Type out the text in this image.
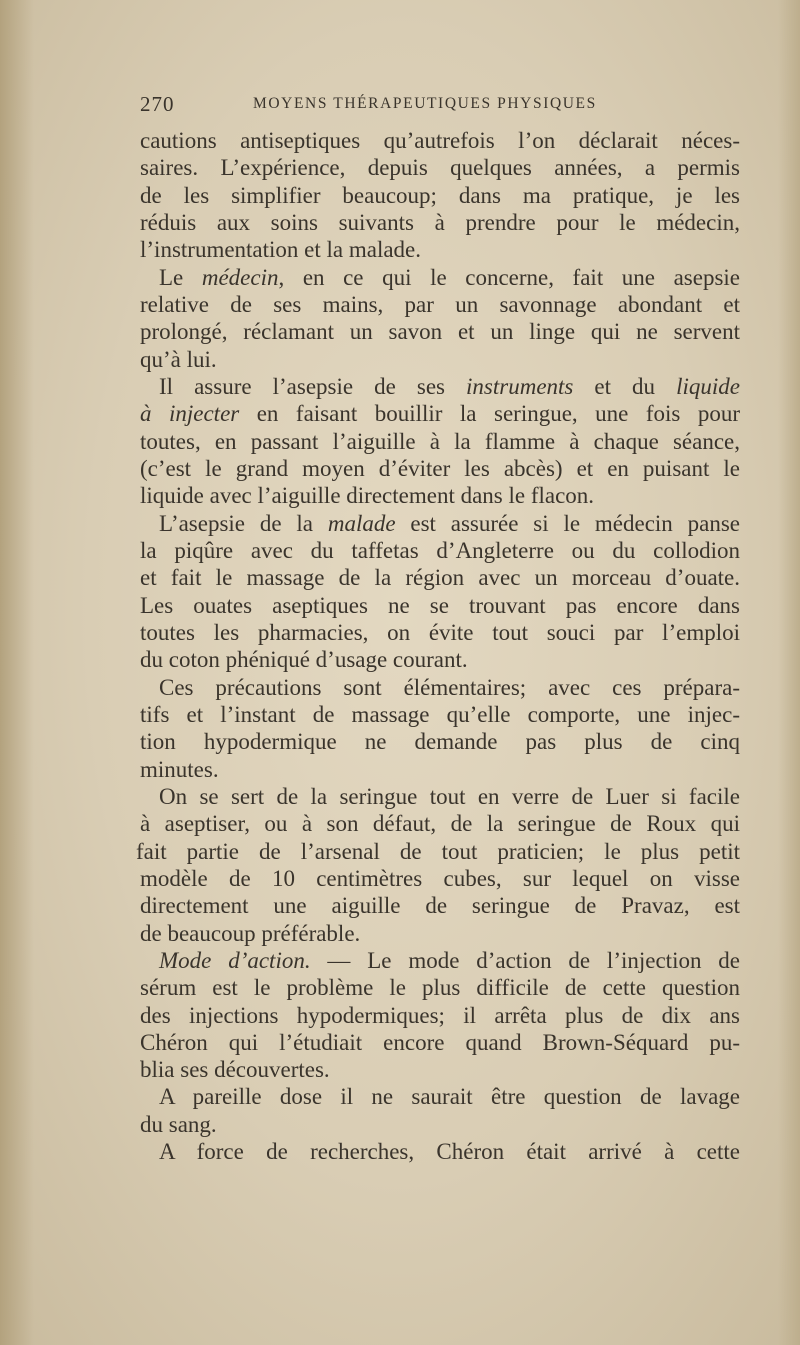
270	MOYENS THÉRAPEUTIQUES PHYSIQUES
cautions antiseptiques qu’autrefois l’on déclarait néces-
saires. L’expérience, depuis quelques années, a permis
de les simplifier beaucoup; dans ma pratique, je les
réduis aux soins suivants à prendre pour le médecin,
l’instrumentation et la malade.
Le médecin, en ce qui le concerne, fait une asepsie
relative de ses mains, par un savonnage abondant et
prolongé, réclamant un savon et un linge qui ne servent
qu’à lui.
Il assure l’asepsie de ses instruments et du liquide
à injecter en faisant bouillir la seringue, une fois pour
toutes, en passant l’aiguille à la flamme à chaque séance,
(c’est le grand moyen d’éviter les abcès) et en puisant le
liquide avec l’aiguille directement dans le flacon.
L’asepsie de la malade est assurée si le médecin panse
la piqûre avec du taffetas d’Angleterre ou du collodion
et fait le massage de la région avec un morceau d’ouate.
Les ouates aseptiques ne se trouvant pas encore dans
toutes les pharmacies, on évite tout souci par l’emploi
du coton phéniqué d’usage courant.
Ces précautions sont élémentaires; avec ces prépara-
tifs et l’instant de massage qu’elle comporte, une injec-
tion hypodermique ne demande pas plus de cinq
minutes.
On se sert de la seringue tout en verre de Luer si facile
à aseptiser, ou à son défaut, de la seringue de Roux qui
fait partie de l’arsenal de tout praticien; le plus petit
modèle de 10 centimètres cubes, sur lequel on visse
directement une aiguille de seringue de Pravaz, est
de beaucoup préférable.
Mode d’action. — Le mode d’action de l’injection de
sérum est le problème le plus difficile de cette question
des injections hypodermiques; il arrêta plus de dix ans
Chéron qui l’étudiait encore quand Brown-Séquard pu-
blia ses découvertes.
A pareille dose il ne saurait être question de lavage
du sang.
A force de recherches, Chéron était arrivé à cette
